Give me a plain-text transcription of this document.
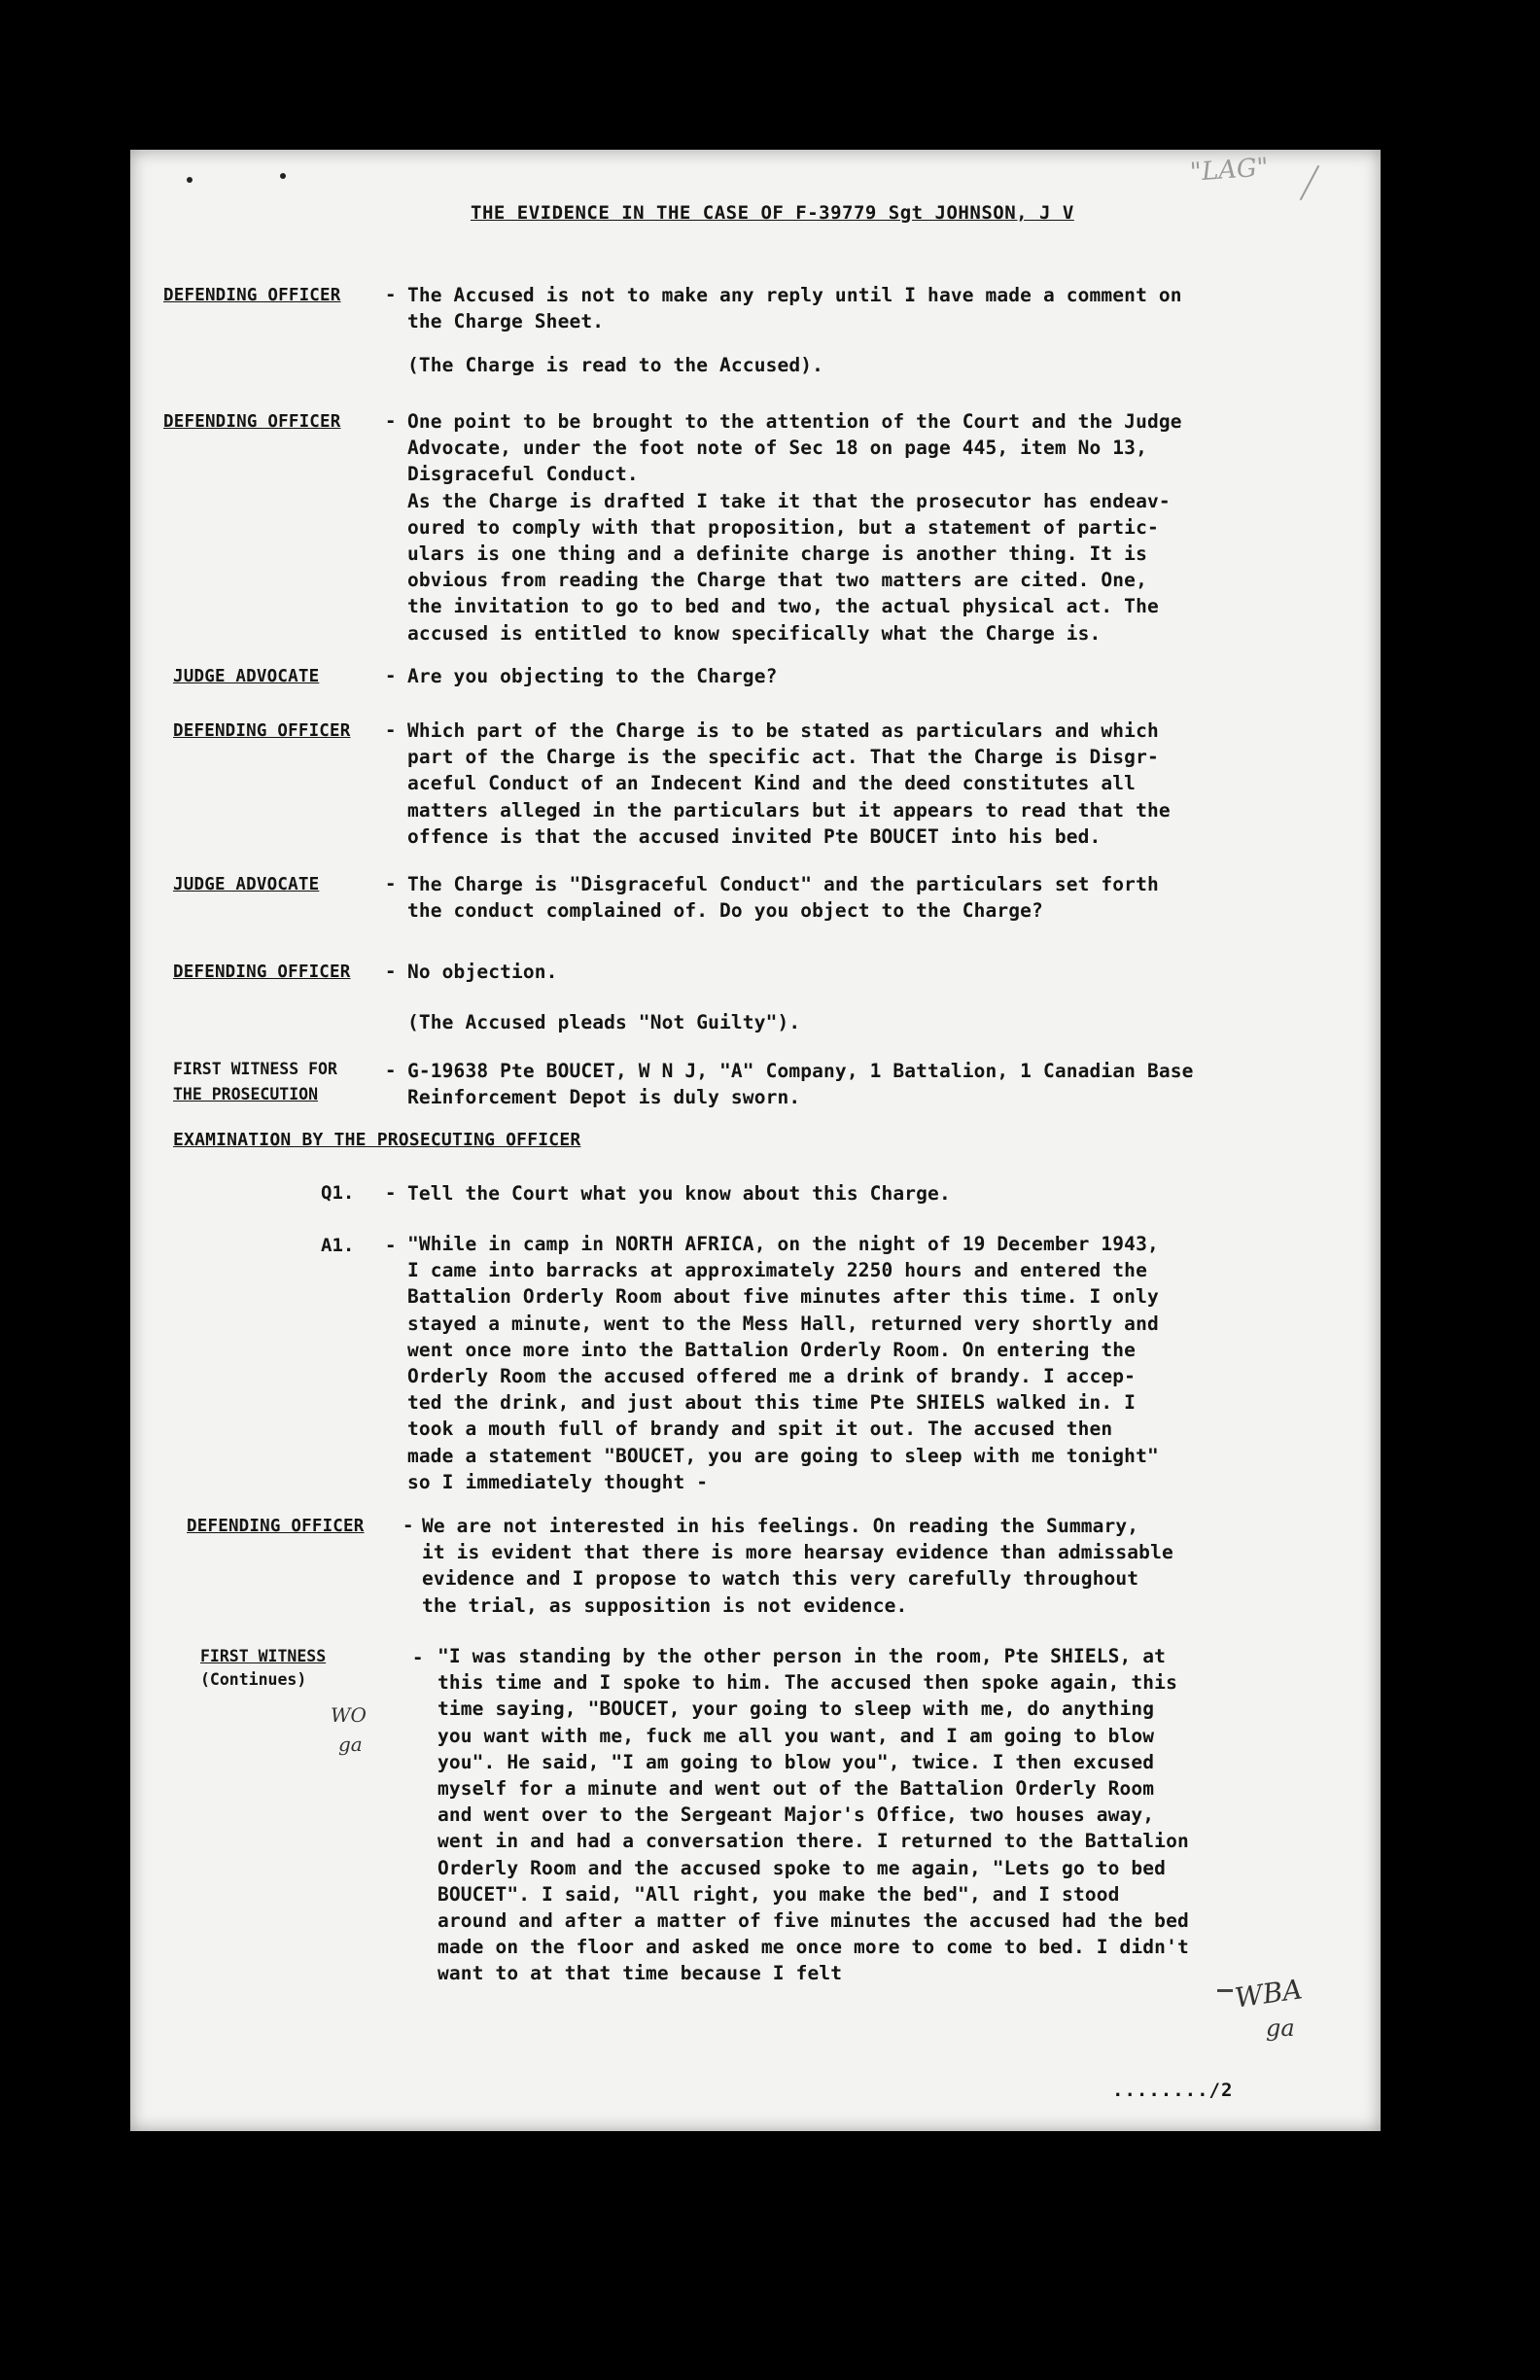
"LAG"
THE EVIDENCE IN THE CASE OF F-39779 Sgt JOHNSON, J V
DEFENDING OFFICER - The Accused is not to make any reply until I have made a comment on
the Charge Sheet.
(The Charge is read to the Accused).
DEFENDING OFFICER - One point to be brought to the attention of the Court and the Judge
Advocate, under the foot note of Sec 18 on page 445, item No 13,
Disgraceful Conduct.
As the Charge is drafted I take it that the prosecutor has endeav-
oured to comply with that proposition, but a statement of partic-
ulars is one thing and a definite charge is another thing. It is
obvious from reading the Charge that two matters are cited. One,
the invitation to go to bed and two, the actual physical act. The
accused is entitled to know specifically what the Charge is.
JUDGE ADVOCATE	- Are you objecting to the Charge?
DEFENDING OFFICER - Which part of the Charge is to be stated as particulars and which
part of the Charge is the specific act. That the Charge is Disgr-
aceful Conduct of an Indecent Kind and the deed constitutes all
matters alleged in the particulars but it appears to read that the
offence is that the accused invited Pte BOUCET into his bed.
JUDGE ADVOCATE	- The Charge is "Disgraceful Conduct" and the particulars set forth
the conduct complained of. Do you object to the Charge?
DEFENDING OFFICER - No objection.
(The Accused pleads "Not Guilty").
FIRST WITNESS FOR
THE PROSECUTION
- G-19638 Pte BOUCET, W N J, "A" Company, 1 Battalion, 1 Canadian Base
Reinforcement Depot is duly sworn.
EXAMINATION BY THE PROSECUTING OFFICER
Q1. - Tell the Court what you know about this Charge.
A1. - "While in camp in NORTH AFRICA, on the night of 19 December 1943,
I came into barracks at approximately 2250 hours and entered the
Battalion Orderly Room about five minutes after this time. I only
stayed a minute, went to the Mess Hall, returned very shortly and
went once more into the Battalion Orderly Room. On entering the
Orderly Room the accused offered me a drink of brandy. I accep-
ted the drink, and just about this time Pte SHIELS walked in. I
took a mouth full of brandy and spit it out. The accused then
made a statement "BOUCET, you are going to sleep with me tonight"
so I immediately thought -
DEFENDING OFFICER - We are not interested in his feelings. On reading the Summary,
it is evident that there is more hearsay evidence than admissable
evidence and I propose to watch this very carefully throughout
the trial, as supposition is not evidence.
FIRST WITNESS
(Continues)
-
WO
ga
"I was standing by the other person in the room, Pte SHIELS, at
this time and I spoke to him. The accused then spoke again, this
time saying, "BOUCET, your going to sleep with me, do anything
you want with me, fuck me all you want, and I am going to blow
you". He said, "I am going to blow you", twice. I then excused
myself for a minute and went out of the Battalion Orderly Room
and went over to the Sergeant Major's Office, two houses away,
went in and had a conversation there. I returned to the Battalion
Orderly Room and the accused spoke to me again, "Lets go to bed
BOUCET". I said, "All right, you make the bed", and I stood
around and after a matter of five minutes the accused had the bed
made on the floor and asked me once more to come to bed. I didn't
want to at that time because I felt	WBA
ga
......../2
